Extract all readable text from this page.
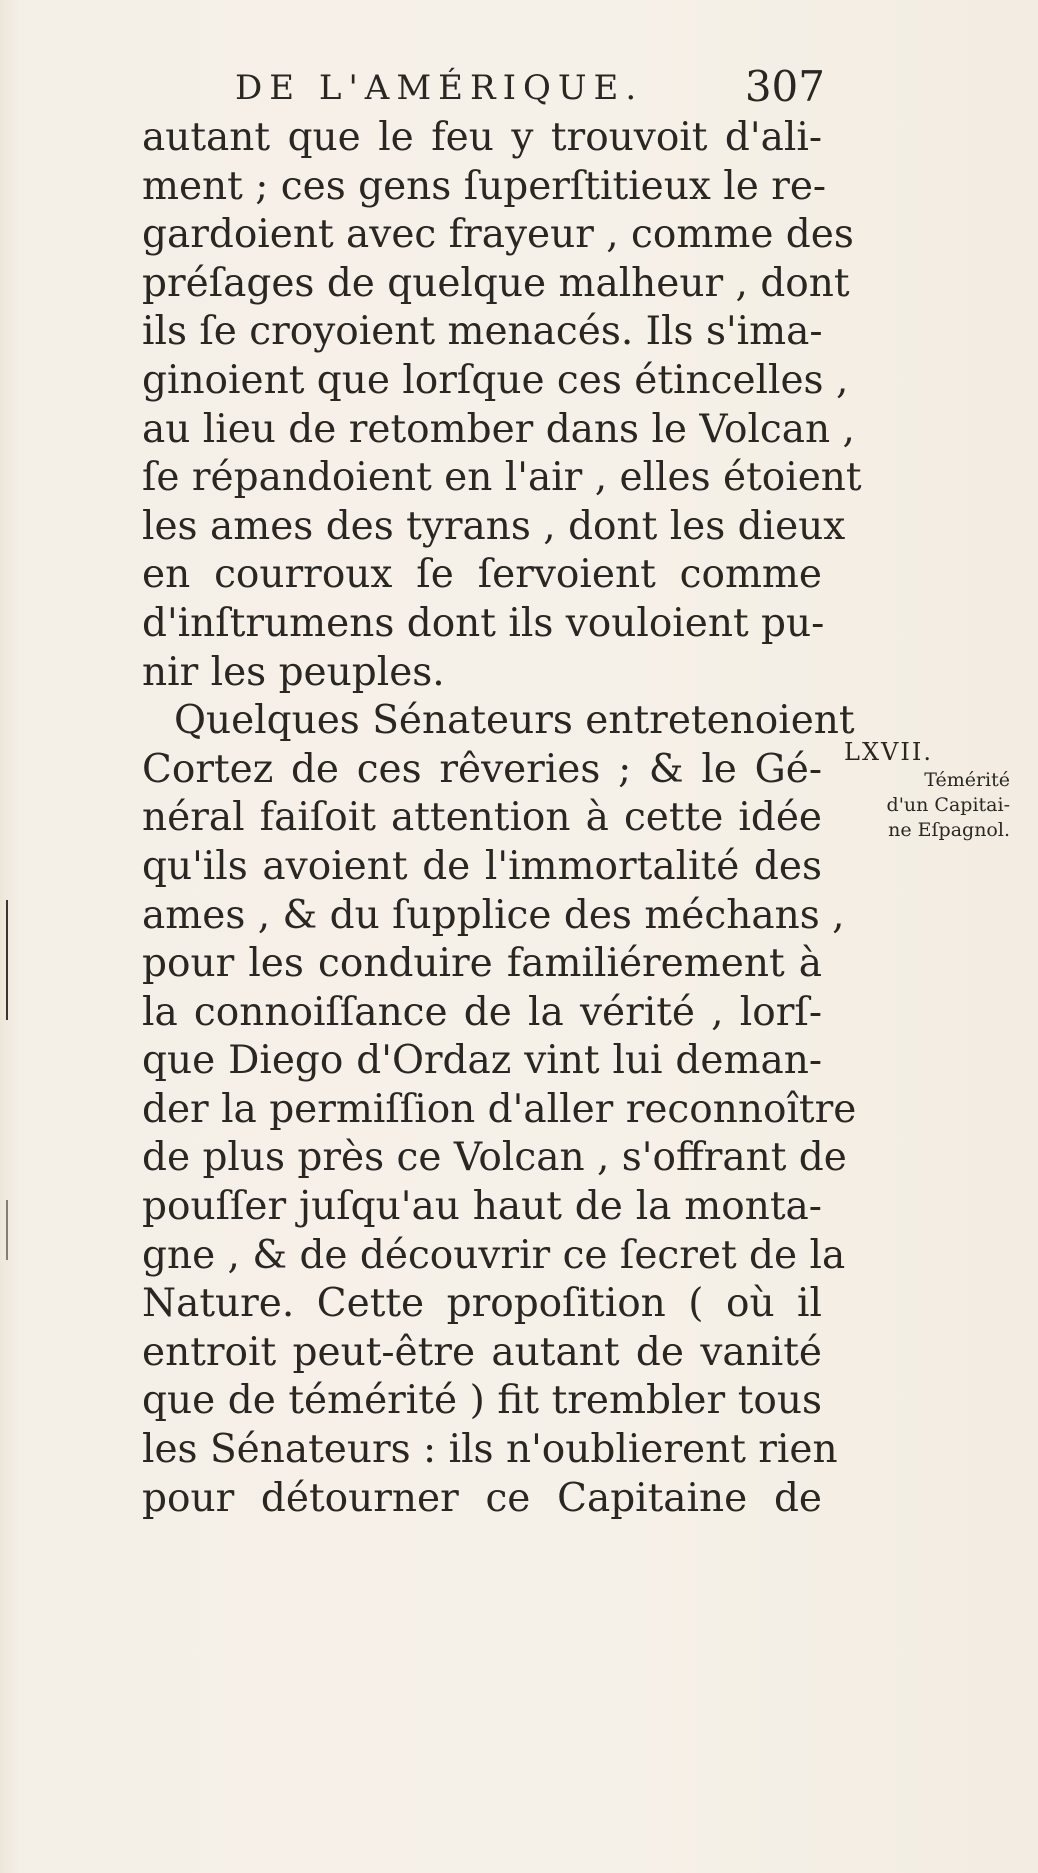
DE L'AMÉRIQUE. 307
autant que le feu y trouvoit d'ali-
ment ; ces gens ſuperſtitieux le re-
gardoient avec frayeur , comme des
préſages de quelque malheur , dont
ils ſe croyoient menacés. Ils s'ima-
ginoient que lorſque ces étincelles ,
au lieu de retomber dans le Volcan ,
ſe répandoient en l'air , elles étoient
les ames des tyrans , dont les dieux
en courroux ſe ſervoient comme
d'inſtrumens dont ils vouloient pu-
nir les peuples.
Quelques Sénateurs entretenoient
Cortez de ces rêveries ; & le Gé-
néral faiſoit attention à cette idée
qu'ils avoient de l'immortalité des
ames , & du ſupplice des méchans ,
pour les conduire familiérement à
la connoiſſance de la vérité , lorſ-
que Diego d'Ordaz vint lui deman-
der la permiſſion d'aller reconnoître
de plus près ce Volcan , s'offrant de
pouſſer juſqu'au haut de la monta-
gne , & de découvrir ce ſecret de la
Nature. Cette propoſition ( où il
entroit peut-être autant de vanité
que de témérité ) fit trembler tous
les Sénateurs : ils n'oublierent rien
pour détourner ce Capitaine de
LXVII.
Témérité
d'un Capitai-
ne Eſpagnol.
